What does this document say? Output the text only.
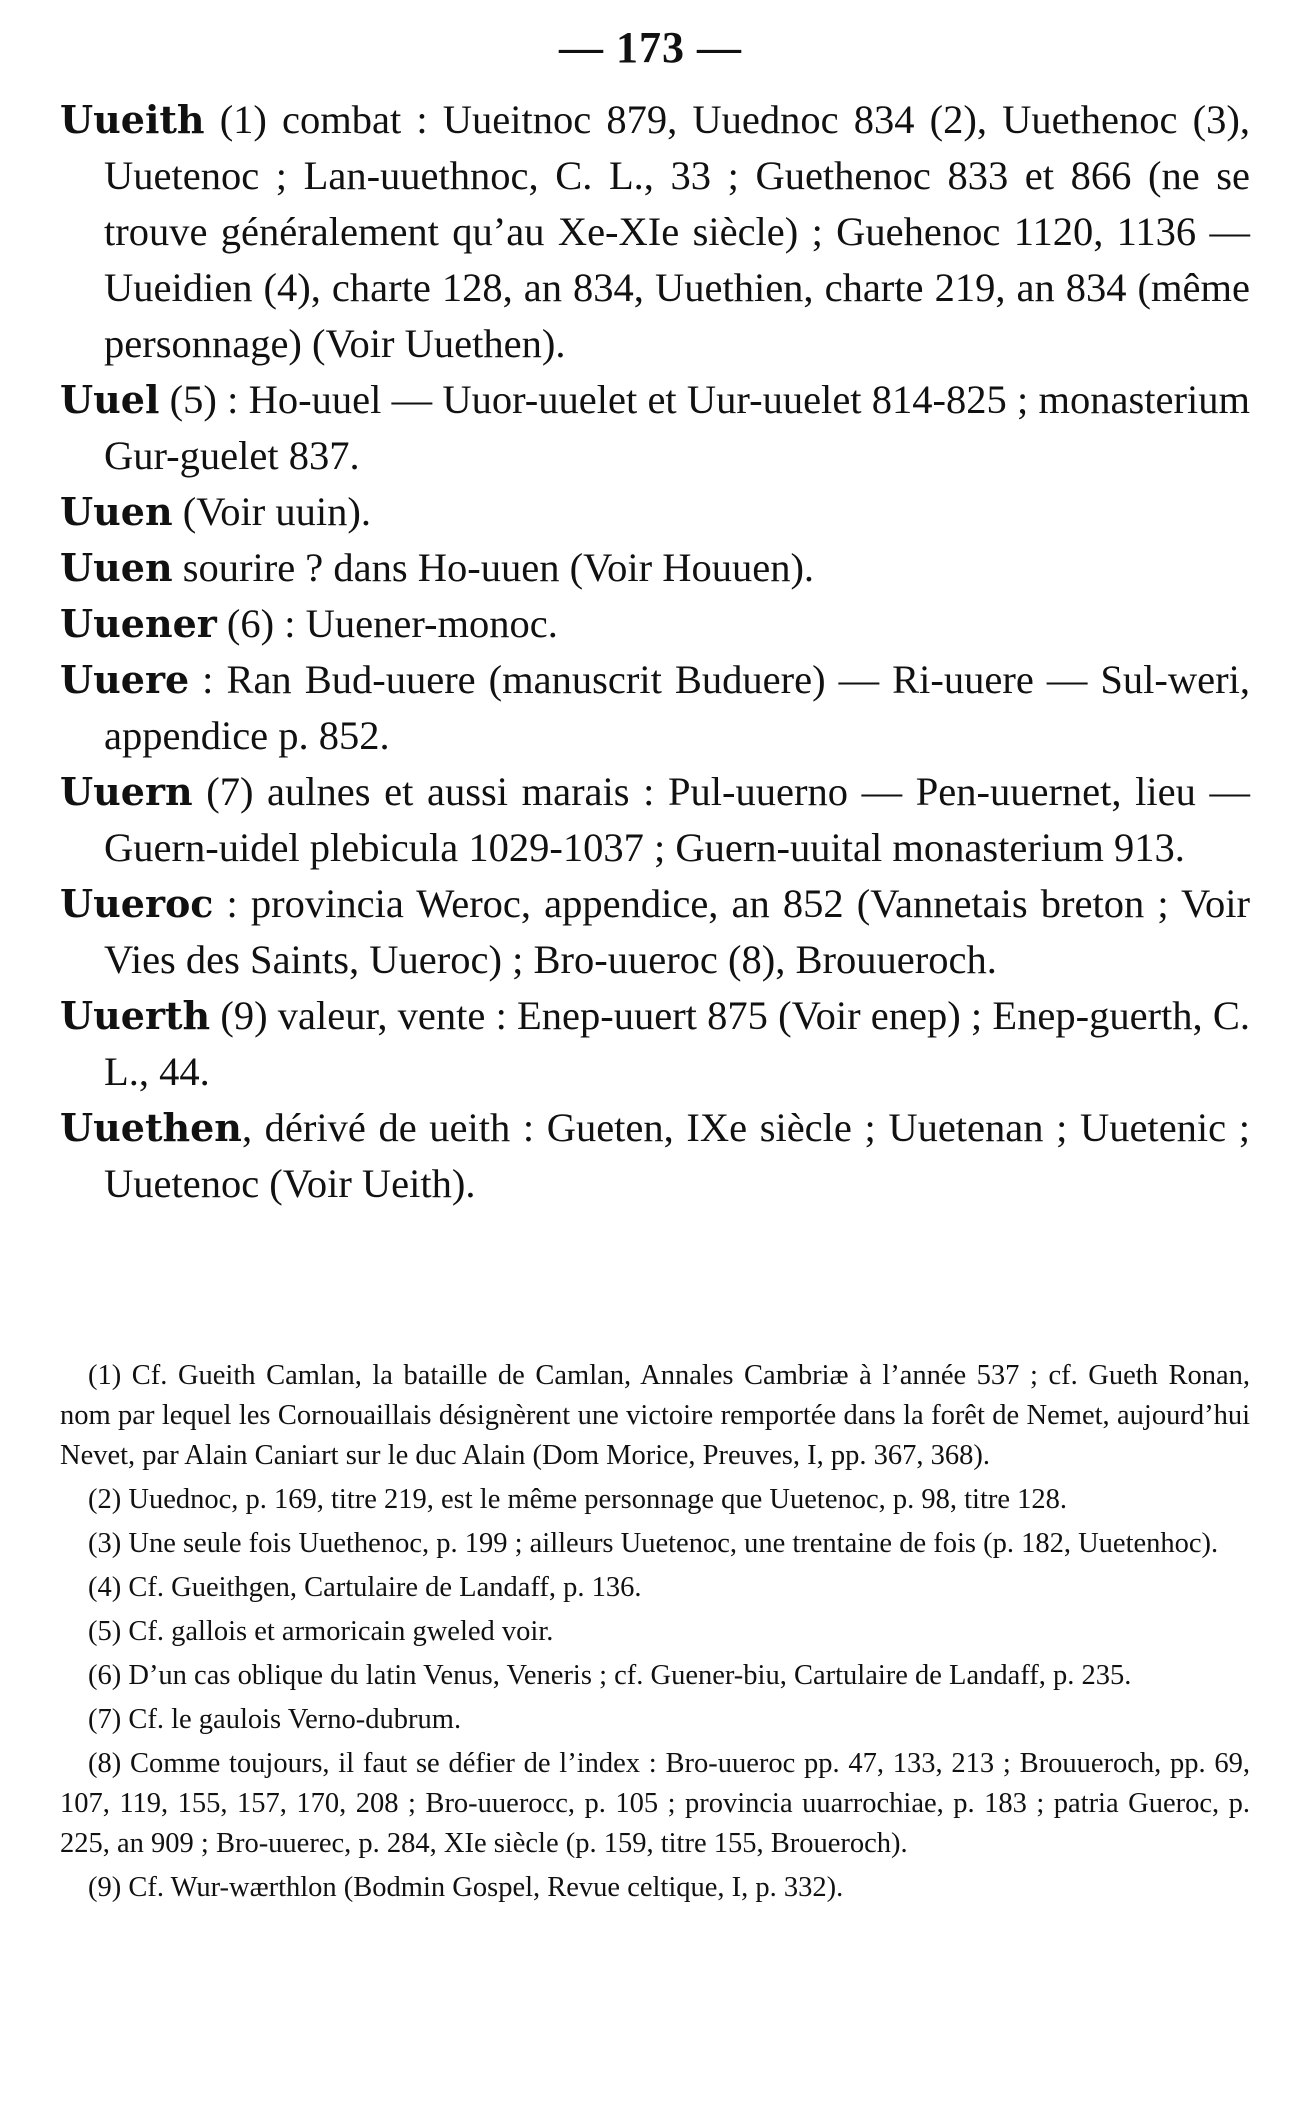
— 173 —

Uueith (1) combat : Uueitnoc 879, Uuednoc 834 (2), Uuethenoc (3), Uuetenoc ; Lan-uuethnoc, C. L., 33 ; Guethenoc 833 et 866 (ne se trouve généralement qu’au Xe-XIe siècle) ; Guehenoc 1120, 1136 — Uueidien (4), charte 128, an 834, Uuethien, charte 219, an 834 (même personnage) (Voir Uuethen).

Uuel (5) : Ho-uuel — Uuor-uuelet et Uur-uuelet 814-825 ; monasterium Gur-guelet 837.

Uuen (Voir uuin).

Uuen sourire ? dans Ho-uuen (Voir Houuen).

Uuener (6) : Uuener-monoc.

Uuere : Ran Bud-uuere (manuscrit Buduere) — Ri-uuere — Sul-weri, appendice p. 852.

Uuern (7) aulnes et aussi marais : Pul-uuerno — Pen-uuernet, lieu — Guern-uidel plebicula 1029-1037 ; Guern-uuital monasterium 913.

Uueroc : provincia Weroc, appendice, an 852 (Vannetais breton ; Voir Vies des Saints, Uueroc) ; Bro-uueroc (8), Brouueroch.

Uuerth (9) valeur, vente : Enep-uuert 875 (Voir enep) ; Enep-guerth, C. L., 44.

Uuethen, dérivé de ueith : Gueten, IXe siècle ; Uuetenan ; Uuetenic ; Uuetenoc (Voir Ueith).

(1) Cf. Gueith Camlan, la bataille de Camlan, Annales Cambriæ à l’année 537 ; cf. Gueth Ronan, nom par lequel les Cornouaillais désignèrent une victoire remportée dans la forêt de Nemet, aujourd’hui Nevet, par Alain Caniart sur le duc Alain (Dom Morice, Preuves, I, pp. 367, 368).

(2) Uuednoc, p. 169, titre 219, est le même personnage que Uuetenoc, p. 98, titre 128.

(3) Une seule fois Uuethenoc, p. 199 ; ailleurs Uuetenoc, une trentaine de fois (p. 182, Uuetenhoc).

(4) Cf. Gueithgen, Cartulaire de Landaff, p. 136.

(5) Cf. gallois et armoricain gweled voir.

(6) D’un cas oblique du latin Venus, Veneris ; cf. Guener-biu, Cartulaire de Landaff, p. 235.

(7) Cf. le gaulois Verno-dubrum.

(8) Comme toujours, il faut se défier de l’index : Bro-uueroc pp. 47, 133, 213 ; Brouueroch, pp. 69, 107, 119, 155, 157, 170, 208 ; Bro-uuerocc, p. 105 ; provincia uuarrochiae, p. 183 ; patria Gueroc, p. 225, an 909 ; Bro-uuerec, p. 284, XIe siècle (p. 159, titre 155, Broueroch).

(9) Cf. Wur-wærthlon (Bodmin Gospel, Revue celtique, I, p. 332).
